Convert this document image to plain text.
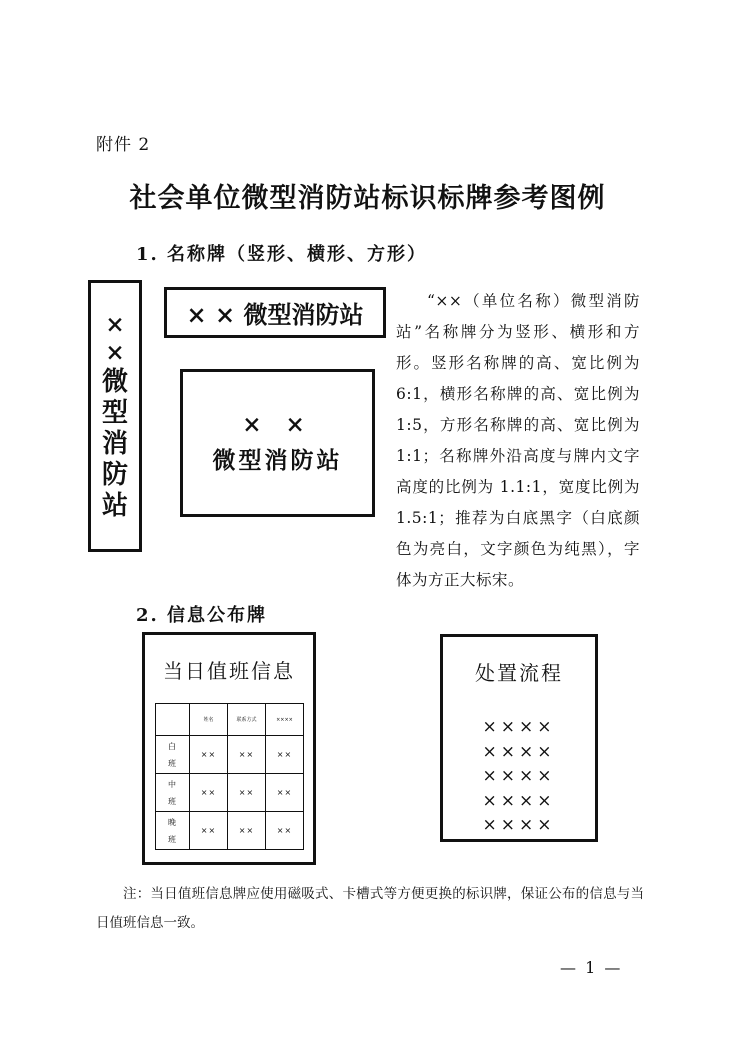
附件 2
社会单位微型消防站标识标牌参考图例
1. 名称牌（竖形、横形、方形）
×
×
微
型
消
防
站
× × 微型消防站
× ×
微型消防站
“××（单位名称）微型消防站”名称牌分为竖形、横形和方形。竖形名称牌的高、宽比例为6:1，横形名称牌的高、宽比例为1:5，方形名称牌的高、宽比例为1:1；名称牌外沿高度与牌内文字高度的比例为 1.1:1，宽度比例为1.5:1；推荐为白底黑字（白底颜色为亮白，文字颜色为纯黑），字体为方正大标宋。
2. 信息公布牌
当日值班信息
	姓名	联系方式	××××
白
班	××	××	××
中
班	××	××	××
晚
班	××	××	××
处置流程
××××
××××
××××
××××
××××
注：当日值班信息牌应使用磁吸式、卡槽式等方便更换的标识牌，保证公布的信息与当日值班信息一致。
— 1 —
